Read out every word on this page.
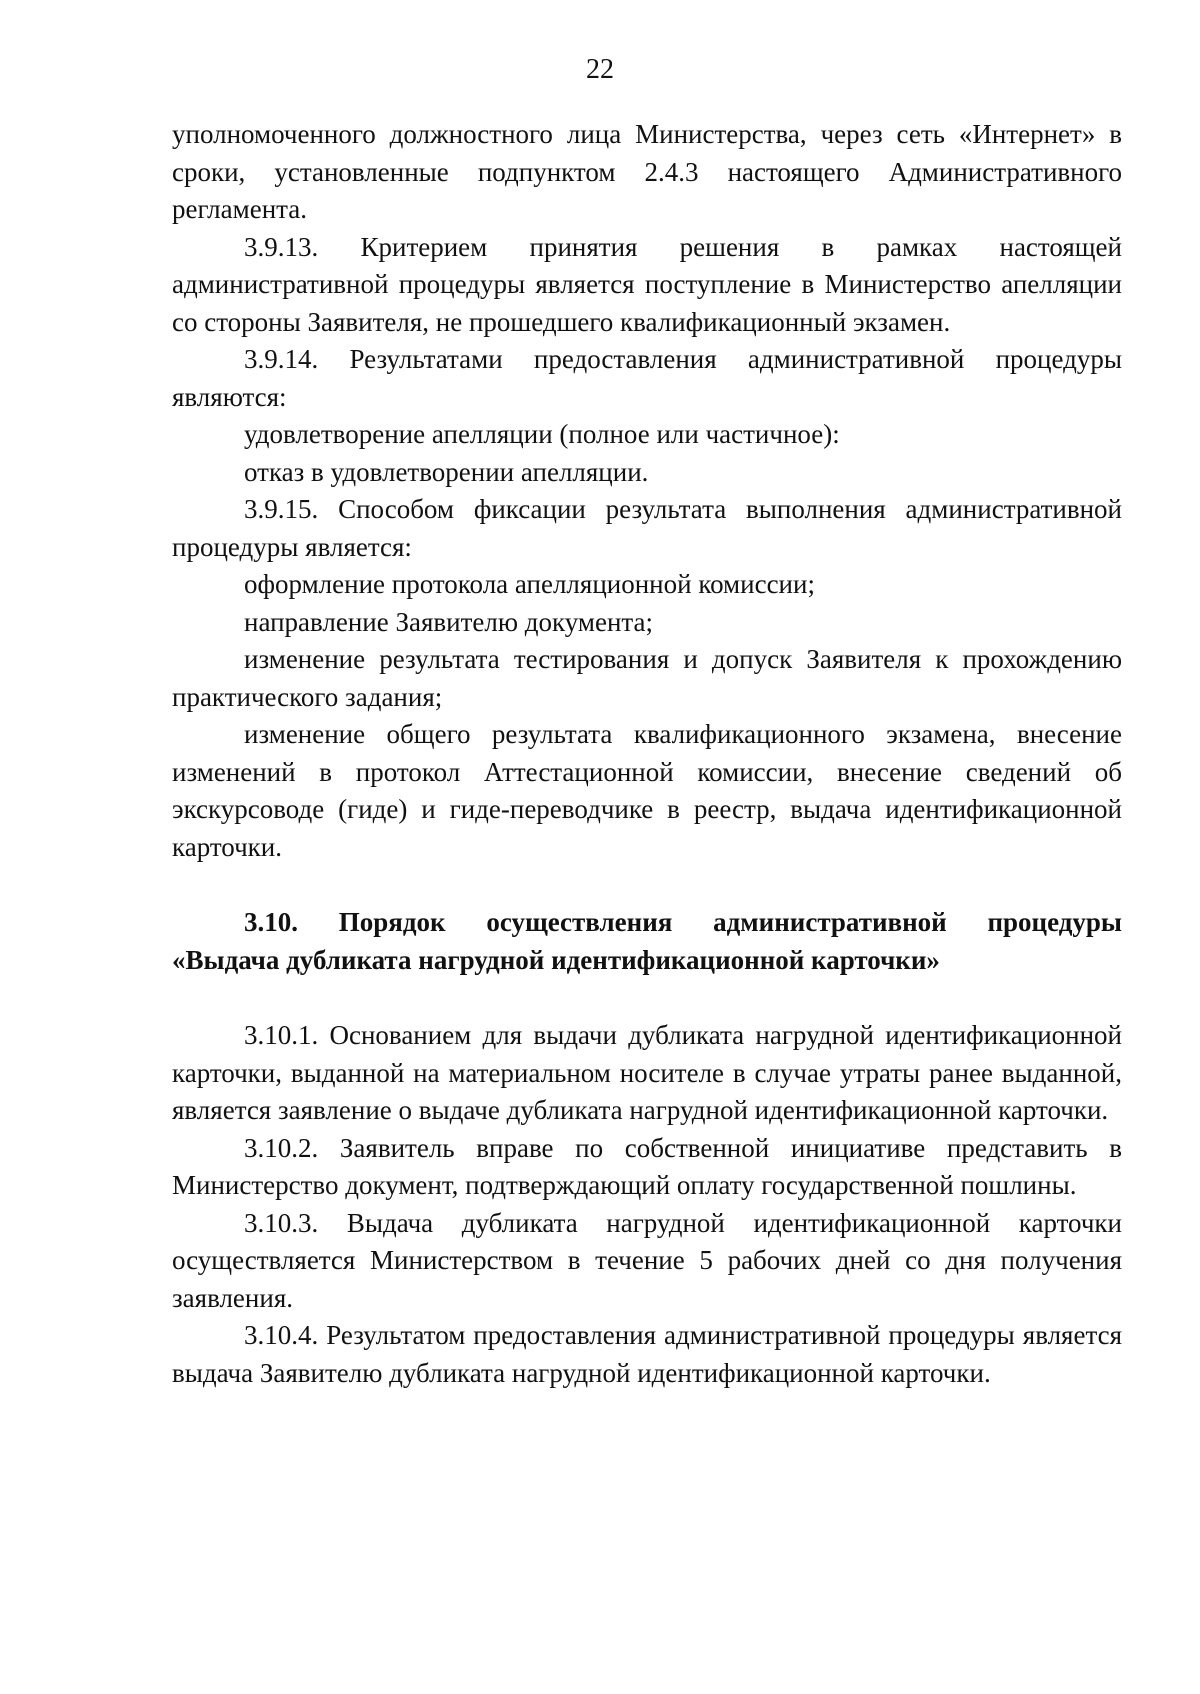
22

уполномоченного должностного лица Министерства, через сеть «Интернет» в сроки, установленные подпунктом 2.4.3 настоящего Административного регламента.

3.9.13. Критерием принятия решения в рамках настоящей административной процедуры является поступление в Министерство апелляции со стороны Заявителя, не прошедшего квалификационный экзамен.

3.9.14. Результатами предоставления административной процедуры являются:

удовлетворение апелляции (полное или частичное):

отказ в удовлетворении апелляции.

3.9.15. Способом фиксации результата выполнения административной процедуры является:

оформление протокола апелляционной комиссии;

направление Заявителю документа;

изменение результата тестирования и допуск Заявителя к прохождению практического задания;

изменение общего результата квалификационного экзамена, внесение изменений в протокол Аттестационной комиссии, внесение сведений об экскурсоводе (гиде) и гиде-переводчике в реестр, выдача идентификационной карточки.

3.10. Порядок осуществления административной процедуры
«Выдача дубликата нагрудной идентификационной карточки»

3.10.1. Основанием для выдачи дубликата нагрудной идентификационной карточки, выданной на материальном носителе в случае утраты ранее выданной, является заявление о выдаче дубликата нагрудной идентификационной карточки.

3.10.2. Заявитель вправе по собственной инициативе представить в Министерство документ, подтверждающий оплату государственной пошлины.

3.10.3. Выдача дубликата нагрудной идентификационной карточки осуществляется Министерством в течение 5 рабочих дней со дня получения заявления.

3.10.4. Результатом предоставления административной процедуры является выдача Заявителю дубликата нагрудной идентификационной карточки.
